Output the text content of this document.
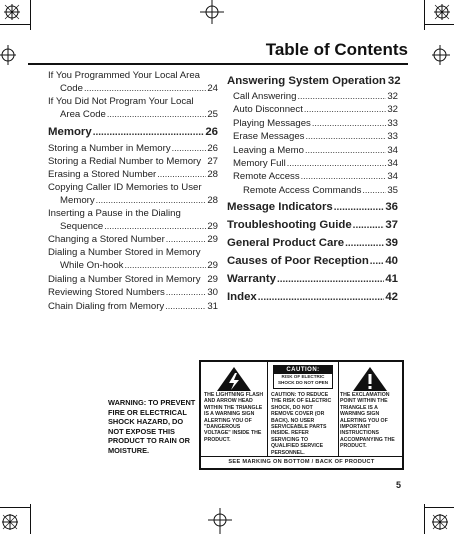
Table of Contents
If You Programmed Your Local Area
Code .....	24
If You Did Not Program Your Local
Area Code .....	25
Memory .....	26
Storing a Number in Memory .....	26
Storing a Redial Number to Memory 27
Erasing a Stored Number .....	28
Copying Caller ID Memories to User
Memory .....	28
Inserting a Pause in the Dialing
Sequence .....	29
Changing a Stored Number .....	29
Dialing a Number Stored in Memory
While On-hook .....	29
Dialing a Number Stored in Memory 29
Reviewing Stored Numbers .....	30
Chain Dialing from Memory .....	31
Answering System Operation 32
Call Answering .....	32
Auto Disconnect .....	32
Playing Messages .....	33
Erase Messages .....	33
Leaving a Memo .....	34
Memory Full .....	34
Remote Access .....	34
Remote Access Commands .....	35
Message Indicators .....	36
Troubleshooting Guide .....	37
General Product Care .....	39
Causes of Poor Reception ..... 40
Warranty .....	41
Index .....	42
WARNING: TO PREVENT FIRE OR ELECTRICAL SHOCK HAZARD, DO NOT EXPOSE THIS PRODUCT TO RAIN OR MOISTURE.

THE LIGHTNING FLASH AND ARROW HEAD WITHIN THE TRIANGLE IS A WARNING SIGN ALERTING YOU OF "DANGEROUS VOLTAGE" INSIDE THE PRODUCT.

CAUTION:
RISK OF ELECTRIC SHOCK DO NOT OPEN

CAUTION: TO REDUCE THE RISK OF ELECTRIC SHOCK, DO NOT REMOVE COVER (OR BACK). NO USER SERVICEABLE PARTS INSIDE. REFER SERVICING TO QUALIFIED SERVICE PERSONNEL.

THE EXCLAMATION POINT WITHIN THE TRIANGLE IS A WARNING SIGN ALERTING YOU OF IMPORTANT INSTRUCTIONS ACCOMPANYING THE PRODUCT.

SEE MARKING ON BOTTOM / BACK OF PRODUCT
5
